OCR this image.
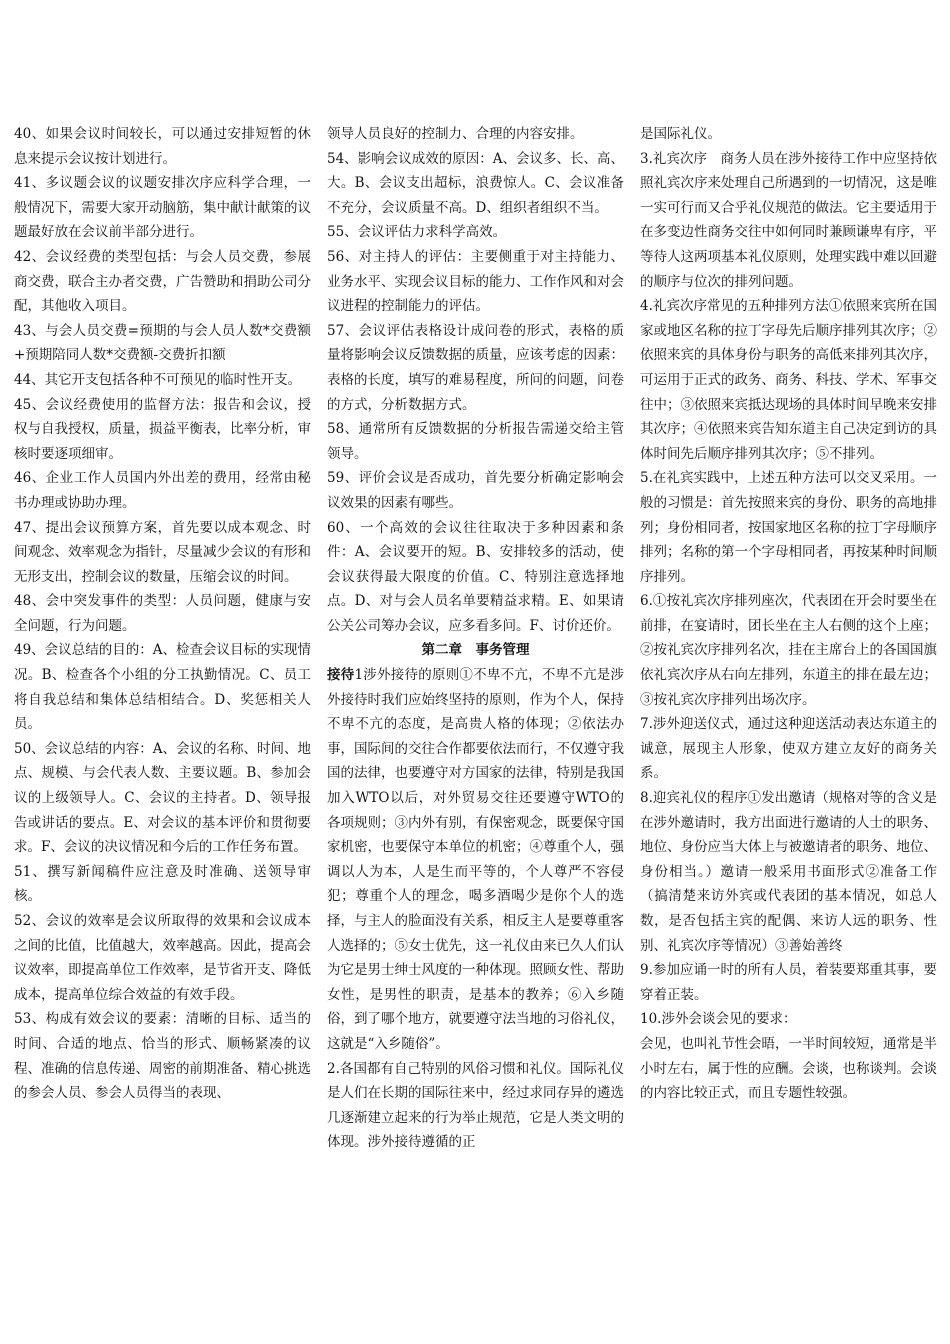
40、如果会议时间较长，可以通过安排短暂的休息来提示会议按计划进行。

41、多议题会议的议题安排次序应科学合理，一般情况下，需要大家开动脑筋，集中献计献策的议题最好放在会议前半部分进行。

42、会议经费的类型包括：与会人员交费，参展商交费，联合主办者交费，广告赞助和捐助公司分配，其他收入项目。

43、与会人员交费=预期的与会人员人数*交费额+预期陪同人数*交费额-交费折扣额

44、其它开支包括各种不可预见的临时性开支。

45、会议经费使用的监督方法：报告和会议，授权与自我授权，质量，损益平衡表，比率分析，审核时要逐项细审。

46、企业工作人员国内外出差的费用，经常由秘书办理或协助办理。

47、提出会议预算方案，首先要以成本观念、时间观念、效率观念为指针，尽量减少会议的有形和无形支出，控制会议的数量，压缩会议的时间。

48、会中突发事件的类型：人员问题，健康与安全问题，行为问题。

49、会议总结的目的：A、检查会议目标的实现情况。B、检查各个小组的分工执勤情况。C、员工将自我总结和集体总结相结合。D、奖惩相关人员。

50、会议总结的内容：A、会议的名称、时间、地点、规模、与会代表人数、主要议题。B、参加会议的上级领导人。C、会议的主持者。D、领导报告或讲话的要点。E、对会议的基本评价和贯彻要求。F、会议的决议情况和今后的工作任务布置。

51、撰写新闻稿件应注意及时准确、送领导审核。

52、会议的效率是会议所取得的效果和会议成本之间的比值，比值越大，效率越高。因此，提高会议效率，即提高单位工作效率，是节省开支、降低成本，提高单位综合效益的有效手段。

53、构成有效会议的要素：清晰的目标、适当的时间、合适的地点、恰当的形式、顺畅紧凑的议程、准确的信息传递、周密的前期准备、精心挑选的参会人员、参会人员得当的表现、

领导人员良好的控制力、合理的内容安排。

54、影响会议成效的原因：A、会议多、长、高、大。B、会议支出超标，浪费惊人。C、会议准备不充分，会议质量不高。D、组织者组织不当。

55、会议评估力求科学高效。

56、对主持人的评估：主要侧重于对主持能力、业务水平、实现会议目标的能力、工作作风和对会议进程的控制能力的评估。

57、会议评估表格设计成问卷的形式，表格的质量将影响会议反馈数据的质量，应该考虑的因素：表格的长度，填写的难易程度，所问的问题，问卷的方式，分析数据方式。

58、通常所有反馈数据的分析报告需递交给主管领导。

59、评价会议是否成功，首先要分析确定影响会议效果的因素有哪些。

60、一个高效的会议往往取决于多种因素和条件：A、会议要开的短。B、安排较多的活动，使会议获得最大限度的价值。C、特别注意选择地点。D、对与会人员名单要精益求精。E、如果请公关公司筹办会议，应多看多问。F、讨价还价。

第二章　事务管理

接待1涉外接待的原则①不卑不亢，不卑不亢是涉外接待时我们应始终坚持的原则，作为个人，保持不卑不亢的态度，是高贵人格的体现；②依法办事，国际间的交往合作都要依法而行，不仅遵守我国的法律，也要遵守对方国家的法律，特别是我国加入WTO以后，对外贸易交往还要遵守WTO的各项规则；③内外有别，有保密观念，既要保守国家机密，也要保守本单位的机密；④尊重个人，强调以人为本，人是生而平等的，个人尊严不容侵犯；尊重个人的理念，喝多酒喝少是你个人的选择，与主人的脸面没有关系，相反主人是要尊重客人选择的；⑤女士优先，这一礼仪由来已久人们认为它是男士绅士风度的一种体现。照顾女性、帮助女性，是男性的职责，是基本的教养；⑥入乡随俗，到了哪个地方，就要遵守法当地的习俗礼仪，这就是“入乡随俗”。

2.各国都有自己特别的风俗习惯和礼仪。国际礼仪是人们在长期的国际往来中，经过求同存异的遴选几逐渐建立起来的行为举止规范，它是人类文明的体现。涉外接待遵循的正

是国际礼仪。

3.礼宾次序　商务人员在涉外接待工作中应坚持依照礼宾次序来处理自己所遇到的一切情况，这是唯一实可行而又合乎礼仪规范的做法。它主要适用于在多变边性商务交往中如何同时兼顾谦卑有序，平等待人这两项基本礼仪原则，处理实践中难以回避的顺序与位次的排列问题。

4.礼宾次序常见的五种排列方法①依照来宾所在国家或地区名称的拉丁字母先后顺序排列其次序；②依照来宾的具体身份与职务的高低来排列其次序，可运用于正式的政务、商务、科技、学术、军事交往中；③依照来宾抵达现场的具体时间早晚来安排其次序；④依照来宾告知东道主自己决定到访的具体时间先后顺序排列其次序；⑤不排列。

5.在礼宾实践中，上述五种方法可以交叉采用。一般的习惯是：首先按照来宾的身份、职务的高地排列；身份相同者，按国家地区名称的拉丁字母顺序排列；名称的第一个字母相同者，再按某种时间顺序排列。

6.①按礼宾次序排列座次，代表团在开会时要坐在前排，在宴请时，团长坐在主人右侧的这个上座；②按礼宾次序排列名次，挂在主席台上的各国国旗依礼宾次序从右向左排列，东道主的排在最左边；③按礼宾次序排列出场次序。

7.涉外迎送仪式，通过这种迎送活动表达东道主的诚意，展现主人形象，使双方建立友好的商务关系。

8.迎宾礼仪的程序①发出邀请（规格对等的含义是在涉外邀请时，我方出面进行邀请的人士的职务、地位、身份应当大体上与被邀请者的职务、地位、身份相当。）邀请一般采用书面形式②准备工作（搞清楚来访外宾或代表团的基本情况，如总人数，是否包括主宾的配偶、来访人远的职务、性别、礼宾次序等情况）③善始善终

9.参加应诵一时的所有人员，着装要郑重其事，要穿着正装。

10.涉外会谈会见的要求：

会见，也叫礼节性会晤，一半时间较短，通常是半小时左右，属于性的应酬。会谈，也称谈判。会谈的内容比较正式，而且专题性较强。
